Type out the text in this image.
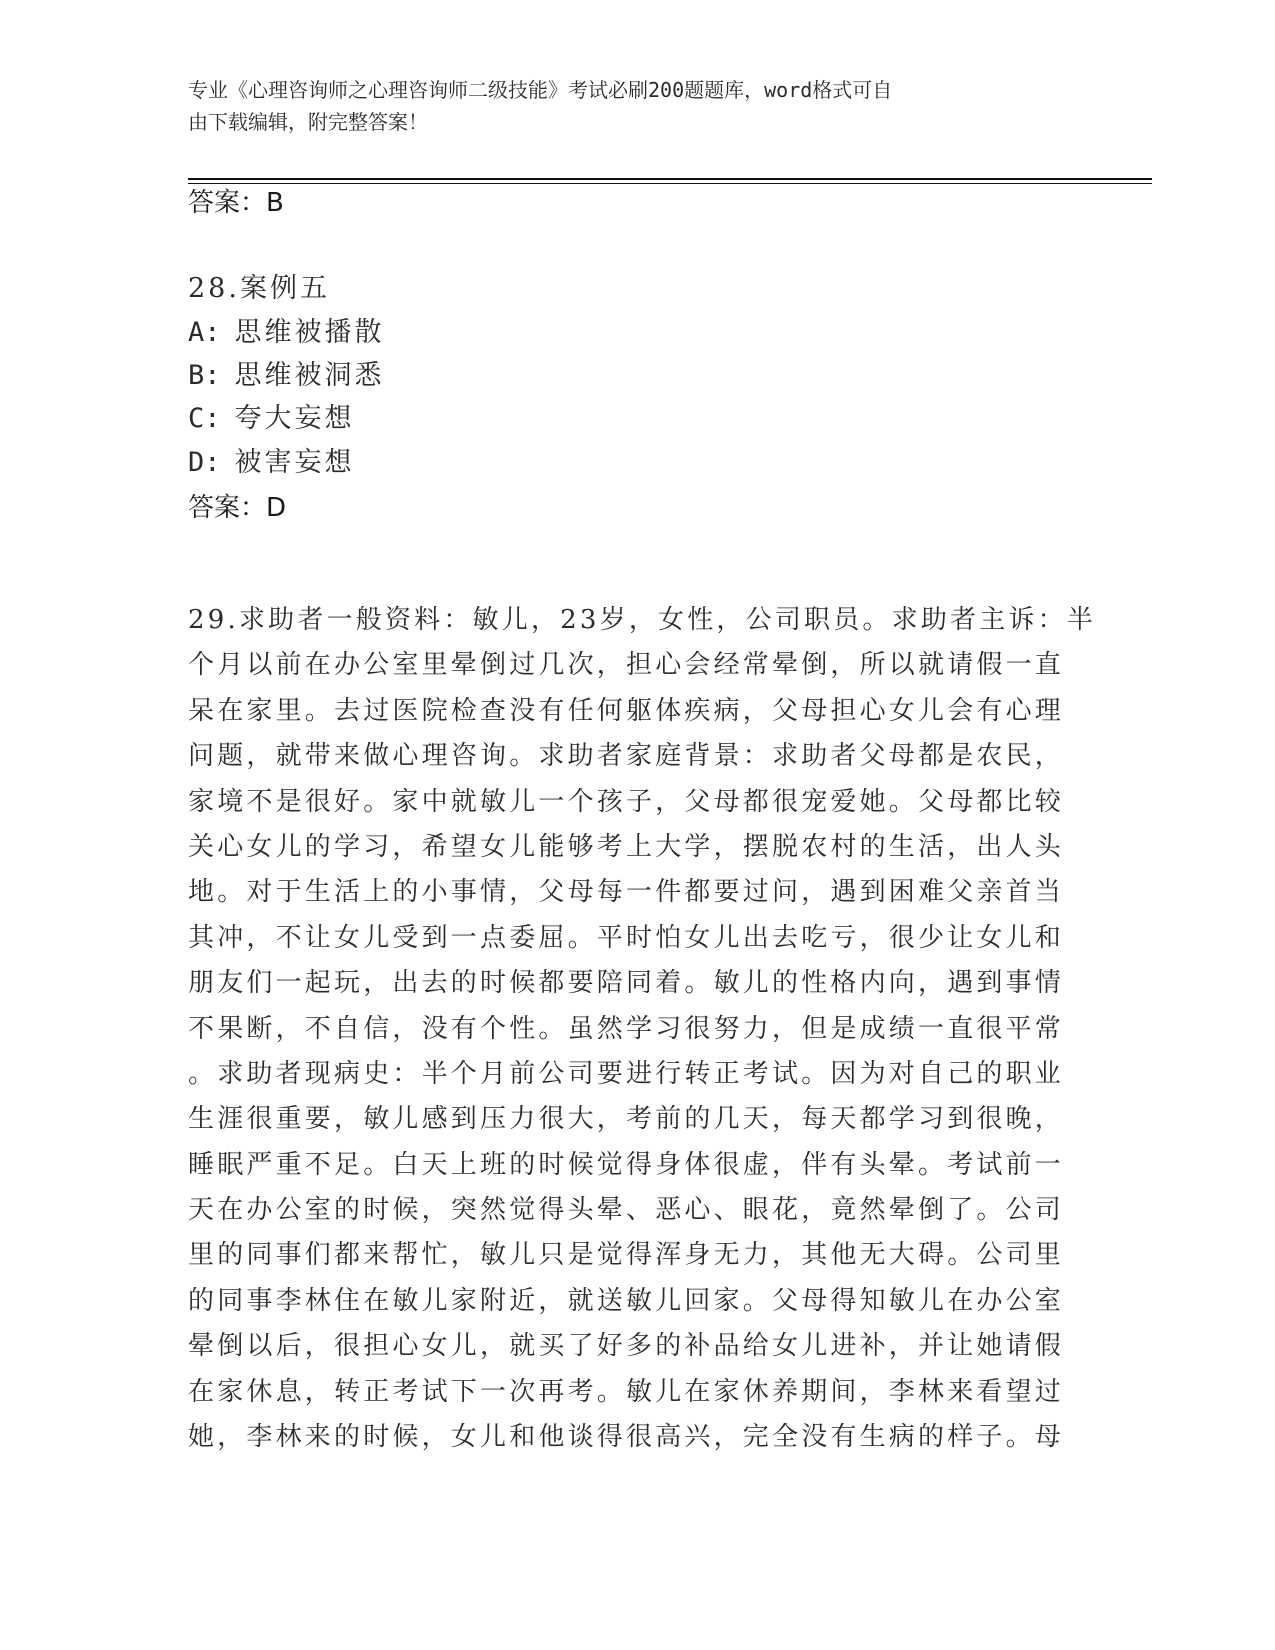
专业《心理咨询师之心理咨询师二级技能》考试必刷200题题库，word格式可自
由下载编辑，附完整答案！
答案：B
28.案例五
A: 思维被播散
B: 思维被洞悉
C: 夸大妄想
D: 被害妄想
答案：D
29.求助者一般资料：敏儿，23岁，女性，公司职员。求助者主诉：半
个月以前在办公室里晕倒过几次，担心会经常晕倒，所以就请假一直
呆在家里。去过医院检查没有任何躯体疾病，父母担心女儿会有心理
问题，就带来做心理咨询。求助者家庭背景：求助者父母都是农民，
家境不是很好。家中就敏儿一个孩子，父母都很宠爱她。父母都比较
关心女儿的学习，希望女儿能够考上大学，摆脱农村的生活，出人头
地。对于生活上的小事情，父母每一件都要过问，遇到困难父亲首当
其冲，不让女儿受到一点委屈。平时怕女儿出去吃亏，很少让女儿和
朋友们一起玩，出去的时候都要陪同着。敏儿的性格内向，遇到事情
不果断，不自信，没有个性。虽然学习很努力，但是成绩一直很平常
。求助者现病史：半个月前公司要进行转正考试。因为对自己的职业
生涯很重要，敏儿感到压力很大，考前的几天，每天都学习到很晚，
睡眠严重不足。白天上班的时候觉得身体很虚，伴有头晕。考试前一
天在办公室的时候，突然觉得头晕、恶心、眼花，竟然晕倒了。公司
里的同事们都来帮忙，敏儿只是觉得浑身无力，其他无大碍。公司里
的同事李林住在敏儿家附近，就送敏儿回家。父母得知敏儿在办公室
晕倒以后，很担心女儿，就买了好多的补品给女儿进补，并让她请假
在家休息，转正考试下一次再考。敏儿在家休养期间，李林来看望过
她，李林来的时候，女儿和他谈得很高兴，完全没有生病的样子。母
